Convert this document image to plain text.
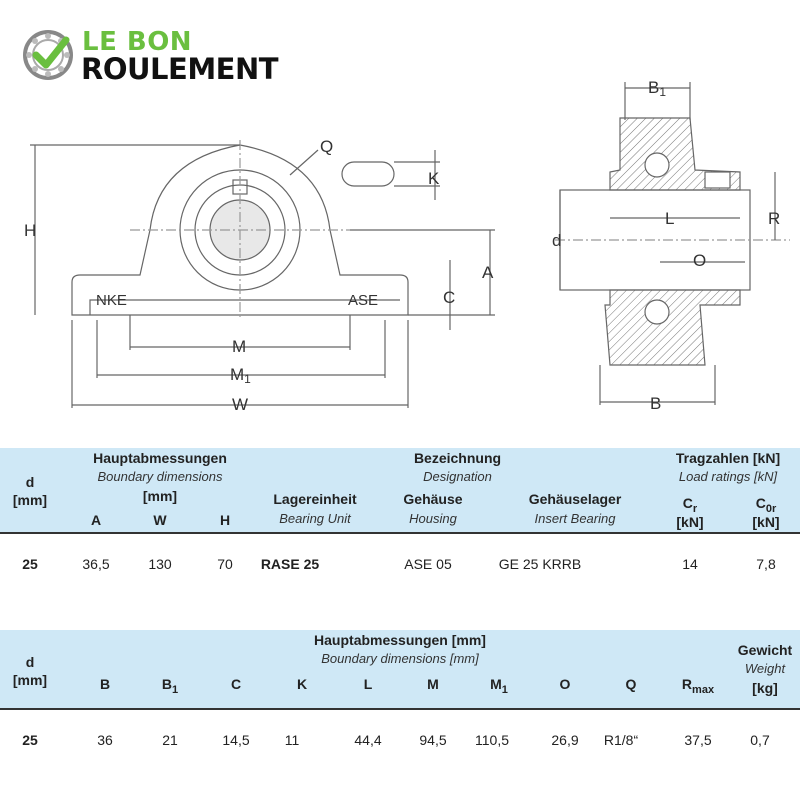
LE BON
ROULEMENT
Q
K
H
A
C
M
M1
W
NKE	ASE
B1
L	R
d
O
B
d
[mm]
Hauptabmessungen
Boundary dimensions
[mm]
A	W	H
Bezeichnung
Designation
Lagereinheit
Bearing Unit
Gehäuse
Housing
Gehäuselager
Insert Bearing
Tragzahlen [kN]
Load ratings [kN]
$C_r$
[kN]
$C_{0r}$
[kN]
25	36,5	130	70	RASE 25	ASE 05	GE 25 KRRB	14	7,8
d
[mm]
Hauptabmessungen [mm]
Boundary dimensions [mm]
Gewicht
Weight
[kg]
B	$B_1$	C	K	L	M	$M_1$	O	Q	$R_{max}$
25	36	21	14,5	11	44,4	94,5	110,5	26,9	R1/8“	37,5	0,7
